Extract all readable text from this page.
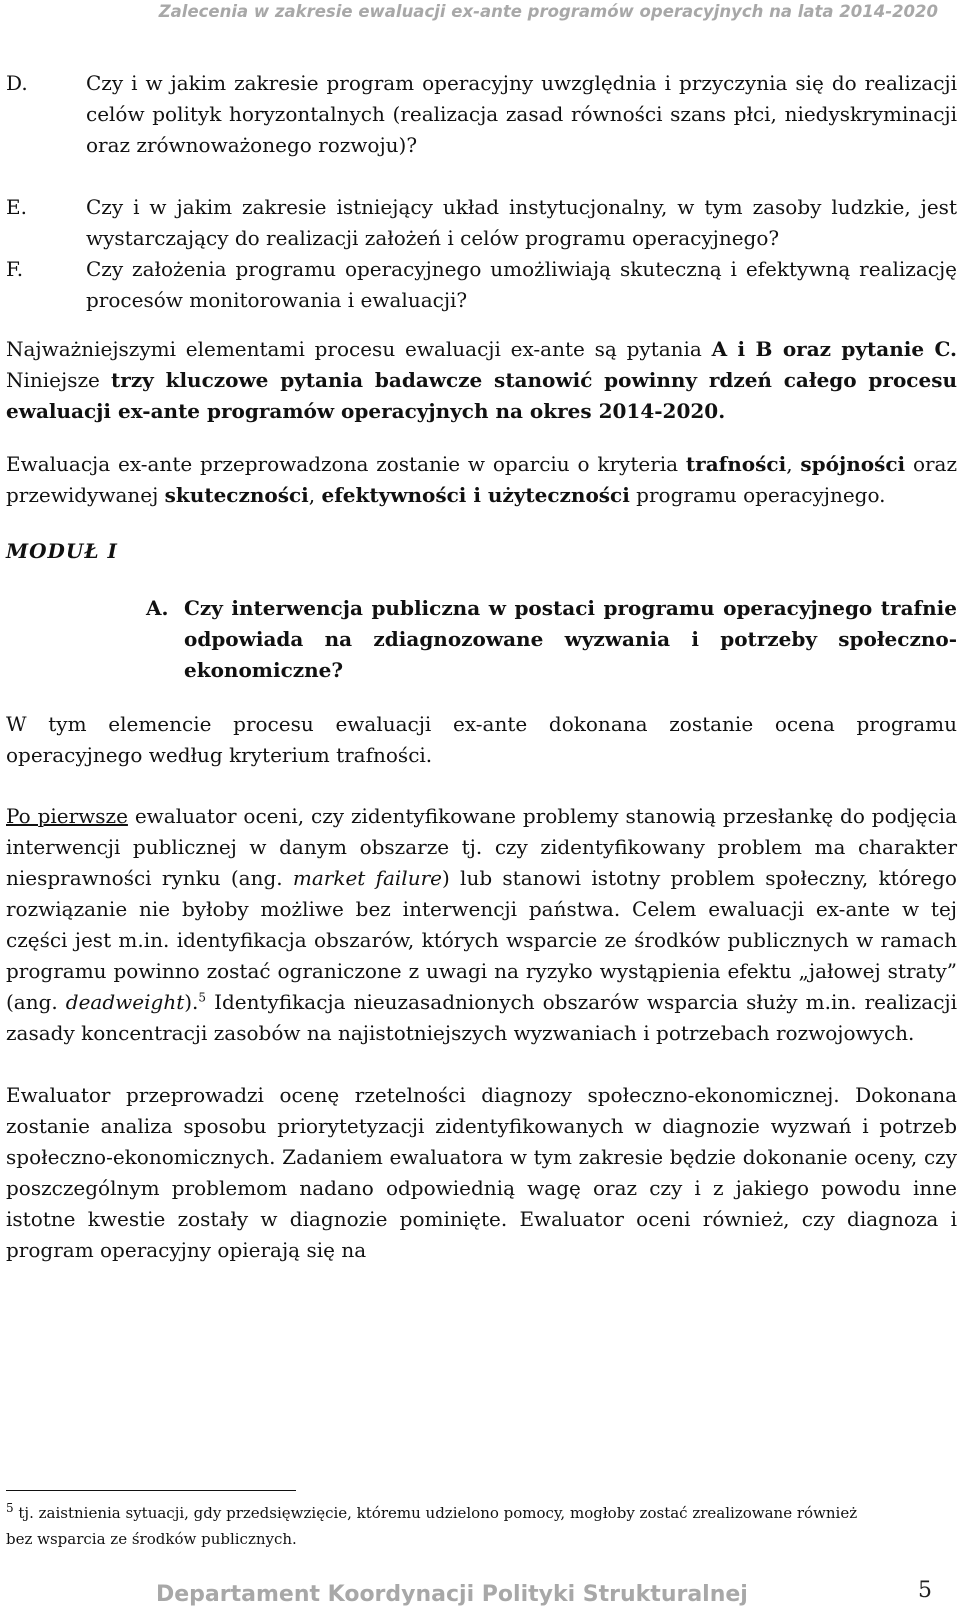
Zalecenia w zakresie ewaluacji ex-ante programów operacyjnych na lata 2014-2020
D.	Czy i w jakim zakresie program operacyjny uwzględnia i przyczynia się do realizacji celów polityk horyzontalnych (realizacja zasad równości szans płci, niedyskryminacji oraz zrównoważonego rozwoju)?
E.	Czy i w jakim zakresie istniejący układ instytucjonalny, w tym zasoby ludzkie, jest wystarczający do realizacji założeń i celów programu operacyjnego?
F.	Czy założenia programu operacyjnego umożliwiają skuteczną i efektywną realizację procesów monitorowania i ewaluacji?

Najważniejszymi elementami procesu ewaluacji ex-ante są pytania A i B oraz pytanie C. Niniejsze trzy kluczowe pytania badawcze stanowić powinny rdzeń całego procesu ewaluacji ex-ante programów operacyjnych na okres 2014-2020.

Ewaluacja ex-ante przeprowadzona zostanie w oparciu o kryteria trafności, spójności oraz przewidywanej skuteczności, efektywności i użyteczności programu operacyjnego.

MODUŁ I

A. Czy interwencja publiczna w postaci programu operacyjnego trafnie odpowiada na zdiagnozowane wyzwania i potrzeby społeczno-ekonomiczne?

W tym elemencie procesu ewaluacji ex-ante dokonana zostanie ocena programu operacyjnego według kryterium trafności.

Po pierwsze ewaluator oceni, czy zidentyfikowane problemy stanowią przesłankę do podjęcia interwencji publicznej w danym obszarze tj. czy zidentyfikowany problem ma charakter niesprawności rynku (ang. market failure) lub stanowi istotny problem społeczny, którego rozwiązanie nie byłoby możliwe bez interwencji państwa. Celem ewaluacji ex-ante w tej części jest m.in. identyfikacja obszarów, których wsparcie ze środków publicznych w ramach programu powinno zostać ograniczone z uwagi na ryzyko wystąpienia efektu „jałowej straty” (ang. deadweight).$^5$ Identyfikacja nieuzasadnionych obszarów wsparcia służy m.in. realizacji zasady koncentracji zasobów na najistotniejszych wyzwaniach i potrzebach rozwojowych.

Ewaluator przeprowadzi ocenę rzetelności diagnozy społeczno-ekonomicznej. Dokonana zostanie analiza sposobu priorytetyzacji zidentyfikowanych w diagnozie wyzwań i potrzeb społeczno-ekonomicznych. Zadaniem ewaluatora w tym zakresie będzie dokonanie oceny, czy poszczególnym problemom nadano odpowiednią wagę oraz czy i z jakiego powodu inne istotne kwestie zostały w diagnozie pominięte. Ewaluator oceni również, czy diagnoza i program operacyjny opierają się na

$^5$ tj. zaistnienia sytuacji, gdy przedsięwzięcie, któremu udzielono pomocy, mogłoby zostać zrealizowane również bez wsparcia ze środków publicznych.

Departament Koordynacji Polityki Strukturalnej	5
